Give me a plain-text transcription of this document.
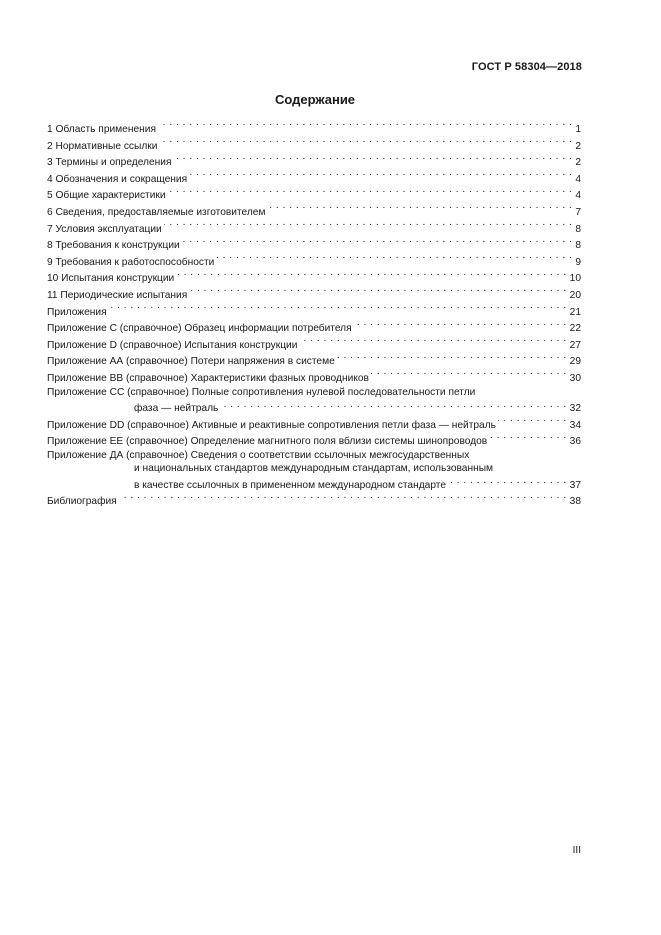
ГОСТ Р 58304—2018
Содержание
1 Область применения . . .	1
2 Нормативные ссылки . . .	2
3 Термины и определения . . .	2
4 Обозначения и сокращения . . .	4
5 Общие характеристики . . .	4
6 Сведения, предоставляемые изготовителем . . .	7
7 Условия эксплуатации . . .	8
8 Требования к конструкции . . .	8
9 Требования к работоспособности . . .	9
10 Испытания конструкции . . .	10
11 Периодические испытания . . .	20
Приложения . . .	21
Приложение С (справочное) Образец информации потребителя . . .	22
Приложение D (справочное) Испытания конструкции . . .	27
Приложение АА (справочное) Потери напряжения в системе . . .	29
Приложение ВВ (справочное) Характеристики фазных проводников . . .	30
Приложение СС (справочное) Полные сопротивления нулевой последовательности петли
фаза — нейтраль . . .	32
Приложение DD (справочное) Активные и реактивные сопротивления петли фаза — нейтраль . . .	34
Приложение ЕЕ (справочное) Определение магнитного поля вблизи системы шинопроводов . . .	36
Приложение ДА (справочное) Сведения о соответствии ссылочных межгосударственных
и национальных стандартов международным стандартам, использованным
в качестве ссылочных в примененном международном стандарте . . .	37
Библиография . . .	38
III
